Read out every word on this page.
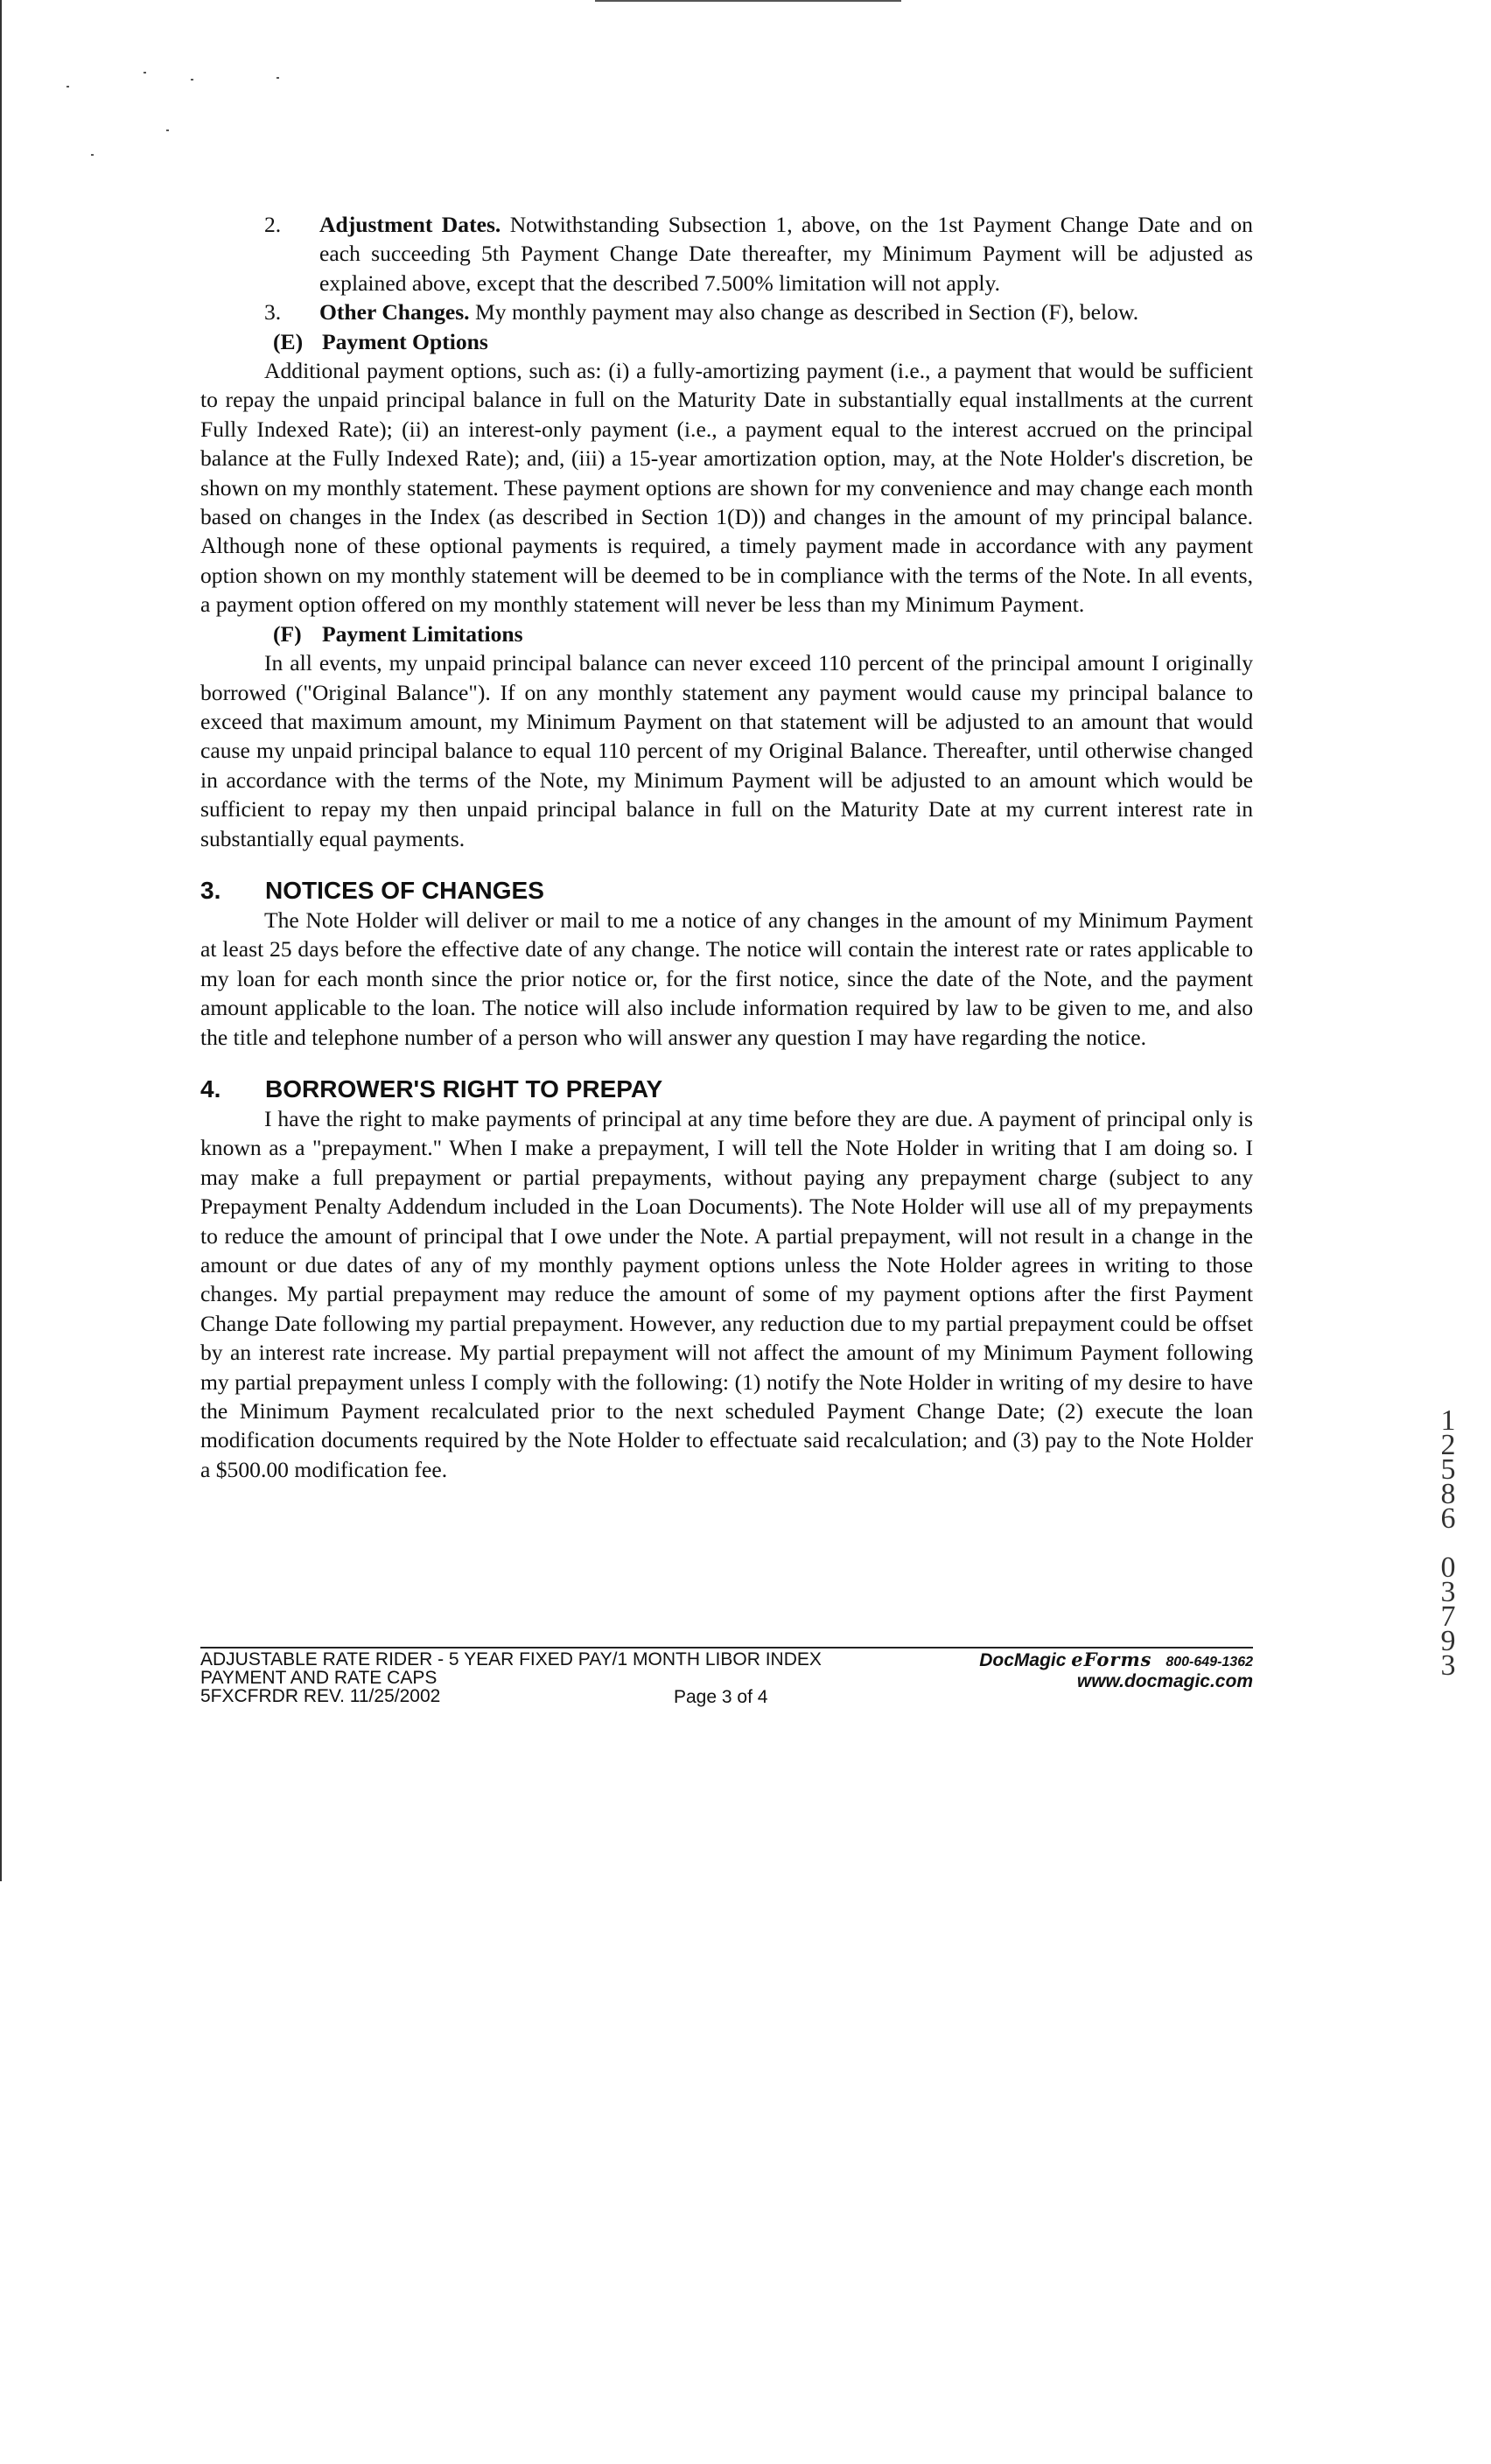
2. Adjustment Dates. Notwithstanding Subsection 1, above, on the 1st Payment Change Date and on each succeeding 5th Payment Change Date thereafter, my Minimum Payment will be adjusted as explained above, except that the described 7.500% limitation will not apply.

3. Other Changes. My monthly payment may also change as described in Section (F), below.

(E) Payment Options

Additional payment options, such as: (i) a fully-amortizing payment (i.e., a payment that would be sufficient to repay the unpaid principal balance in full on the Maturity Date in substantially equal installments at the current Fully Indexed Rate); (ii) an interest-only payment (i.e., a payment equal to the interest accrued on the principal balance at the Fully Indexed Rate); and, (iii) a 15-year amortization option, may, at the Note Holder's discretion, be shown on my monthly statement. These payment options are shown for my convenience and may change each month based on changes in the Index (as described in Section 1(D)) and changes in the amount of my principal balance. Although none of these optional payments is required, a timely payment made in accordance with any payment option shown on my monthly statement will be deemed to be in compliance with the terms of the Note. In all events, a payment option offered on my monthly statement will never be less than my Minimum Payment.

(F) Payment Limitations

In all events, my unpaid principal balance can never exceed 110 percent of the principal amount I originally borrowed ("Original Balance"). If on any monthly statement any payment would cause my principal balance to exceed that maximum amount, my Minimum Payment on that statement will be adjusted to an amount that would cause my unpaid principal balance to equal 110 percent of my Original Balance. Thereafter, until otherwise changed in accordance with the terms of the Note, my Minimum Payment will be adjusted to an amount which would be sufficient to repay my then unpaid principal balance in full on the Maturity Date at my current interest rate in substantially equal payments.

3. NOTICES OF CHANGES

The Note Holder will deliver or mail to me a notice of any changes in the amount of my Minimum Payment at least 25 days before the effective date of any change. The notice will contain the interest rate or rates applicable to my loan for each month since the prior notice or, for the first notice, since the date of the Note, and the payment amount applicable to the loan. The notice will also include information required by law to be given to me, and also the title and telephone number of a person who will answer any question I may have regarding the notice.

4. BORROWER'S RIGHT TO PREPAY

I have the right to make payments of principal at any time before they are due. A payment of principal only is known as a "prepayment." When I make a prepayment, I will tell the Note Holder in writing that I am doing so. I may make a full prepayment or partial prepayments, without paying any prepayment charge (subject to any Prepayment Penalty Addendum included in the Loan Documents). The Note Holder will use all of my prepayments to reduce the amount of principal that I owe under the Note. A partial prepayment, will not result in a change in the amount or due dates of any of my monthly payment options unless the Note Holder agrees in writing to those changes. My partial prepayment may reduce the amount of some of my payment options after the first Payment Change Date following my partial prepayment. However, any reduction due to my partial prepayment could be offset by an interest rate increase. My partial prepayment will not affect the amount of my Minimum Payment following my partial prepayment unless I comply with the following: (1) notify the Note Holder in writing of my desire to have the Minimum Payment recalculated prior to the next scheduled Payment Change Date; (2) execute the loan modification documents required by the Note Holder to effectuate said recalculation; and (3) pay to the Note Holder a $500.00 modification fee.

ADJUSTABLE RATE RIDER - 5 YEAR FIXED PAY/1 MONTH LIBOR INDEX
PAYMENT AND RATE CAPS
5FXCFRDR REV. 11/25/2002	Page 3 of 4
DocMagic eForms 800-649-1362
www.docmagic.com
1
2
5
8
6
0
3
7
9
3
